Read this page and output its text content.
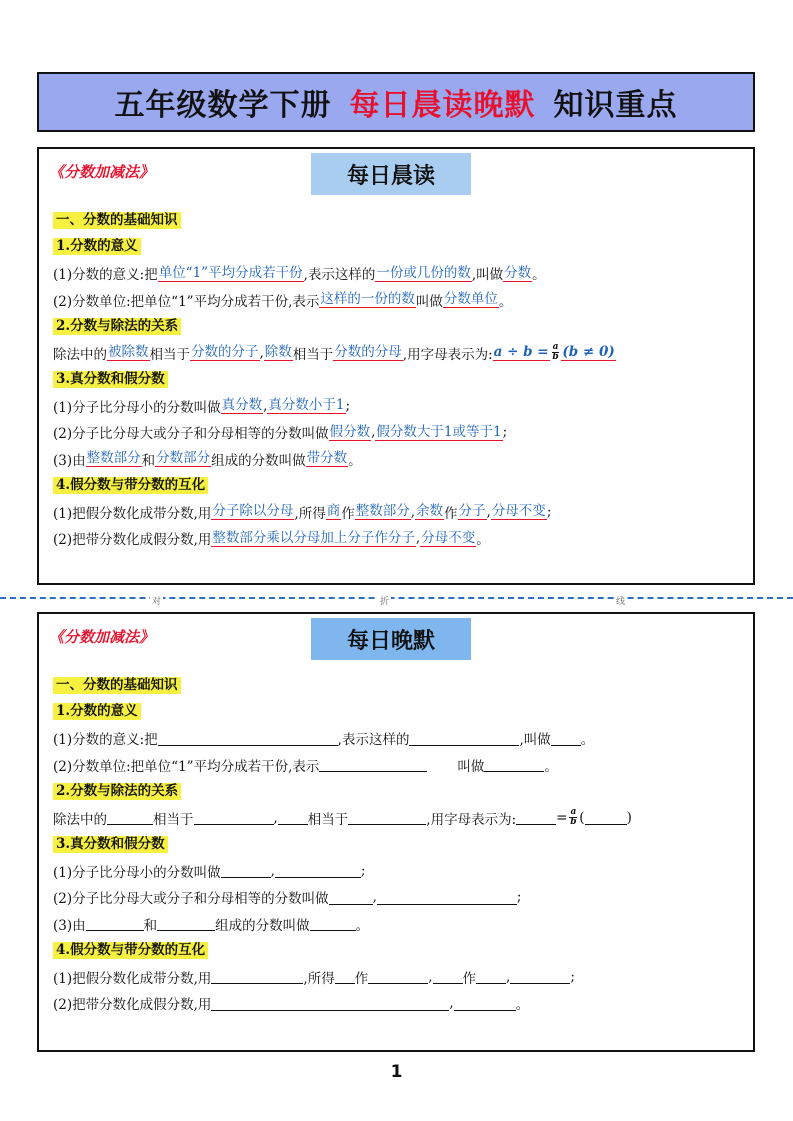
五年级数学下册 每日晨读晚默 知识重点
《分数加减法》	每日晨读
一、分数的基础知识
1.分数的意义
(1)分数的意义:把 单位“1”平均分成若干份 ,表示这样的 一份或几份的数 ,叫做 分数 。
(2)分数单位:把单位“1”平均分成若干份,表示 这样的一份的数 叫做 分数单位 。
2.分数与除法的关系
除法中的 被除数 相当于 分数的分子 , 除数 相当于 分数的分母 ,用字母表示为: $a \div b = \frac{a}{b} (b \ne 0)$
3.真分数和假分数
(1)分子比分母小的分数叫做 真分数 , 真分数小于1 ;
(2)分子比分母大或分子和分母相等的分数叫做 假分数 , 假分数大于1或等于1 ;
(3)由 整数部分 和 分数部分 组成的分数叫做 带分数 。
4.假分数与带分数的互化
(1)把假分数化成带分数,用 分子除以分母 ,所得 商 作 整数部分 , 余数 作 分子 , 分母不变 ;
(2)把带分数化成假分数,用 整数部分乘以分母加上分子作分子 , 分母不变 。
对	折	线
《分数加减法》	每日晚默
一、分数的基础知识
1.分数的意义
(1)分数的意义:把	,表示这样的	,叫做 。
(2)分数单位:把单位“1”平均分成若干份,表示	叫做	。
2.分数与除法的关系
除法中的	相当于	, 相当于	,用字母表示为:	= $\frac{a}{b}$ (	)
3.真分数和假分数
(1)分子比分母小的分数叫做	,	;
(2)分子比分母大或分子和分母相等的分数叫做	,	;
(3)由	和	组成的分数叫做	。
4.假分数与带分数的互化
(1)把假分数化成带分数,用	,所得 作	, 作 ,	;
(2)把带分数化成假分数,用	,	。
1
